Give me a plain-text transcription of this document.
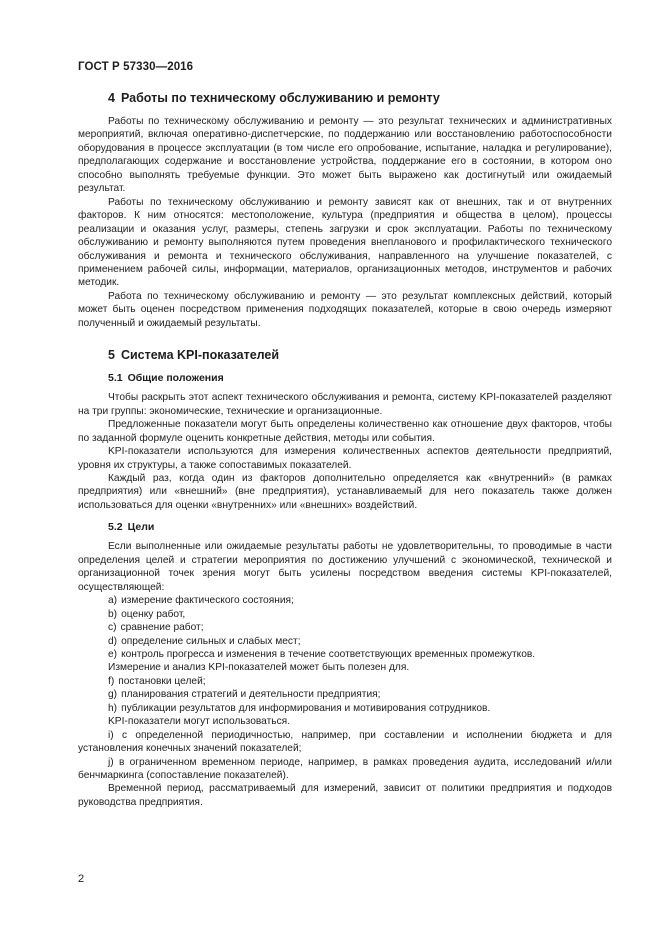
ГОСТ Р 57330—2016
4 Работы по техническому обслуживанию и ремонту

Работы по техническому обслуживанию и ремонту — это результат технических и административных мероприятий, включая оперативно-диспетчерские, по поддержанию или восстановлению работоспособности оборудования в процессе эксплуатации (в том числе его опробование, испытание, наладка и регулирование), предполагающих содержание и восстановление устройства, поддержание его в состоянии, в котором оно способно выполнять требуемые функции. Это может быть выражено как достигнутый или ожидаемый результат.

Работы по техническому обслуживанию и ремонту зависят как от внешних, так и от внутренних факторов. К ним относятся: местоположение, культура (предприятия и общества в целом), процессы реализации и оказания услуг, размеры, степень загрузки и срок эксплуатации. Работы по техническому обслуживанию и ремонту выполняются путем проведения внепланового и профилактического технического обслуживания и ремонта и технического обслуживания, направленного на улучшение показателей, с применением рабочей силы, информации, материалов, организационных методов, инструментов и рабочих методик.

Работа по техническому обслуживанию и ремонту — это результат комплексных действий, который может быть оценен посредством применения подходящих показателей, которые в свою очередь измеряют полученный и ожидаемый результаты.

5 Система KPI-показателей
5.1 Общие положения

Чтобы раскрыть этот аспект технического обслуживания и ремонта, систему KPI-показателей разделяют на три группы: экономические, технические и организационные.

Предложенные показатели могут быть определены количественно как отношение двух факторов, чтобы по заданной формуле оценить конкретные действия, методы или события.

KPI-показатели используются для измерения количественных аспектов деятельности предприятий, уровня их структуры, а также сопоставимых показателей.

Каждый раз, когда один из факторов дополнительно определяется как «внутренний» (в рамках предприятия) или «внешний» (вне предприятия), устанавливаемый для него показатель также должен использоваться для оценки «внутренних» или «внешних» воздействий.

5.2 Цели

Если выполненные или ожидаемые результаты работы не удовлетворительны, то проводимые в части определения целей и стратегии мероприятия по достижению улучшений с экономической, технической и организационной точек зрения могут быть усилены посредством введения системы KPI-показателей, осуществляющей:

a) измерение фактического состояния;
b) оценку работ,
c) сравнение работ;
d) определение сильных и слабых мест;
e) контроль прогресса и изменения в течение соответствующих временных промежутков.

Измерение и анализ KPI-показателей может быть полезен для.

f) постановки целей;
g) планирования стратегий и деятельности предприятия;
h) публикации результатов для информирования и мотивирования сотрудников.

KPI-показатели могут использоваться.

i) с определенной периодичностью, например, при составлении и исполнении бюджета и для установления конечных значений показателей;

j) в ограниченном временном периоде, например, в рамках проведения аудита, исследований и/или бенчмаркинга (сопоставление показателей).

Временной период, рассматриваемый для измерений, зависит от политики предприятия и подходов руководства предприятия.

2
